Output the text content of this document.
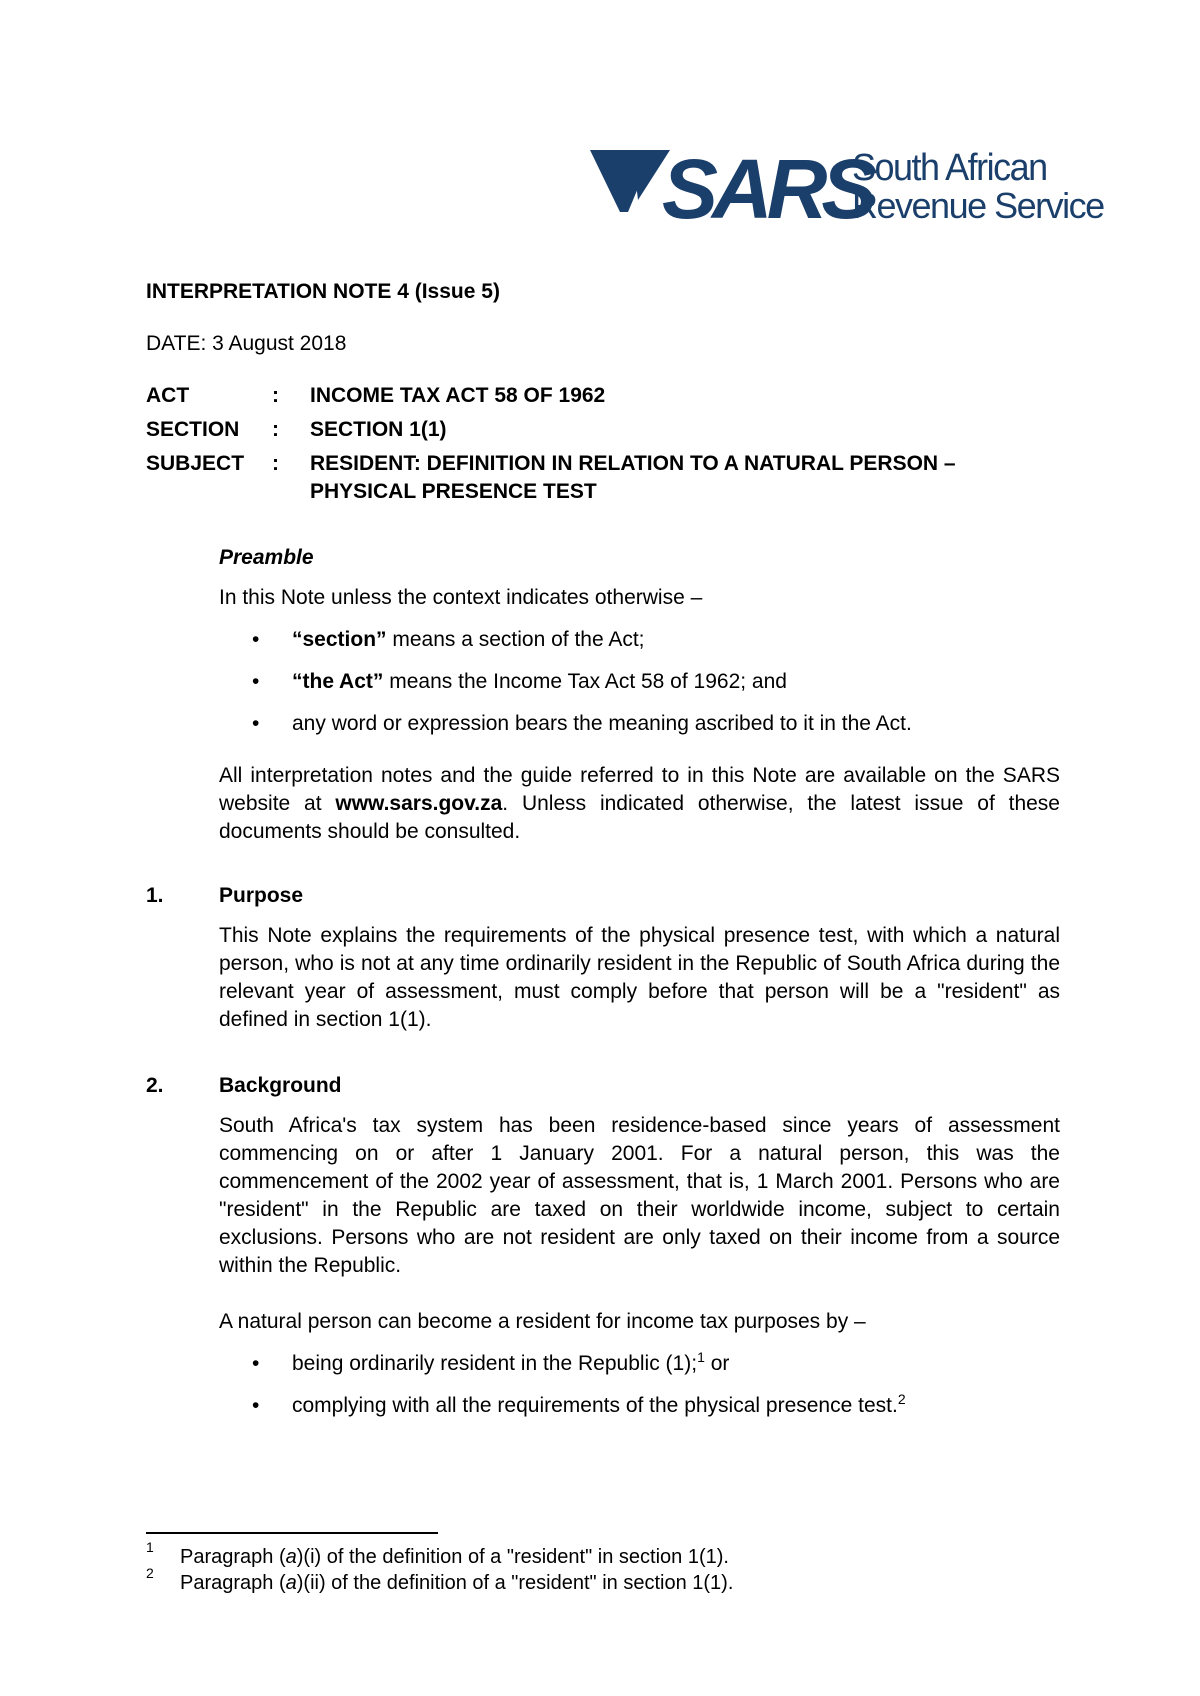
SARS
South African
Revenue Service
INTERPRETATION NOTE 4 (Issue 5)
DATE: 3 August 2018
ACT	: INCOME TAX ACT 58 OF 1962
SECTION	: SECTION 1(1)
SUBJECT	: RESIDENT: DEFINITION IN RELATION TO A NATURAL PERSON –
PHYSICAL PRESENCE TEST
Preamble
In this Note unless the context indicates otherwise –
• “section” means a section of the Act;
• “the Act” means the Income Tax Act 58 of 1962; and
• any word or expression bears the meaning ascribed to it in the Act.
All interpretation notes and the guide referred to in this Note are available on the SARS website at www.sars.gov.za. Unless indicated otherwise, the latest issue of these documents should be consulted.
1.	Purpose
This Note explains the requirements of the physical presence test, with which a natural person, who is not at any time ordinarily resident in the Republic of South Africa during the relevant year of assessment, must comply before that person will be a "resident" as defined in section 1(1).
2.	Background
South Africa's tax system has been residence-based since years of assessment commencing on or after 1 January 2001. For a natural person, this was the commencement of the 2002 year of assessment, that is, 1 March 2001. Persons who are "resident" in the Republic are taxed on their worldwide income, subject to certain exclusions. Persons who are not resident are only taxed on their income from a source within the Republic.
A natural person can become a resident for income tax purposes by –
• being ordinarily resident in the Republic (1);$^1$ or
• complying with all the requirements of the physical presence test.$^2$
1 Paragraph (a)(i) of the definition of a "resident" in section 1(1).
2 Paragraph (a)(ii) of the definition of a "resident" in section 1(1).
